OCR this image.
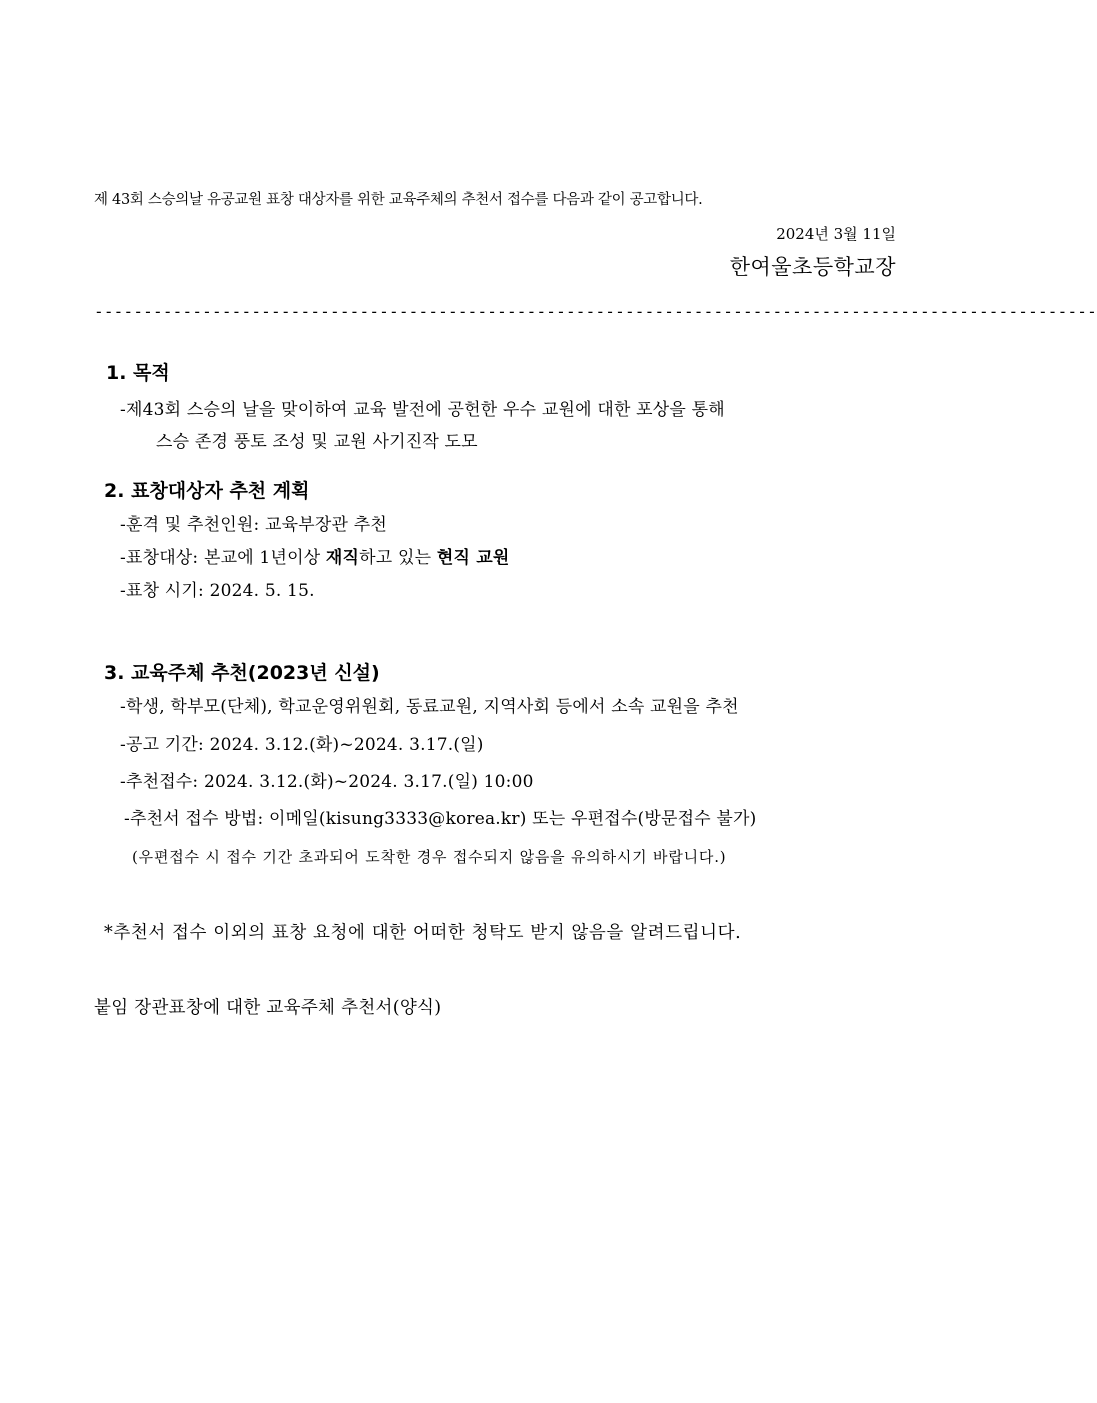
제 43회 스승의날 유공교원 표창 대상자를 위한 교육주체의 추천서 접수를 다음과 같이 공고합니다.
2024년 3월 11일
한여울초등학교장
------------------------------------------------------------------------------------------------------
1. 목적
-제43회 스승의 날을 맞이하여 교육 발전에 공헌한 우수 교원에 대한 포상을 통해
스승 존경 풍토 조성 및 교원 사기진작 도모
2. 표창대상자 추천 계획
-훈격 및 추천인원: 교육부장관 추천
-표창대상: 본교에 1년이상 재직하고 있는 현직 교원
-표창 시기: 2024. 5. 15.
3. 교육주체 추천(2023년 신설)
-학생, 학부모(단체), 학교운영위원회, 동료교원, 지역사회 등에서 소속 교원을 추천
-공고 기간: 2024. 3.12.(화)~2024. 3.17.(일)
-추천접수: 2024. 3.12.(화)~2024. 3.17.(일) 10:00
-추천서 접수 방법: 이메일(kisung3333@korea.kr) 또는 우편접수(방문접수 불가)
(우편접수 시 접수 기간 초과되어 도착한 경우 접수되지 않음을 유의하시기 바랍니다.)
*추천서 접수 이외의 표창 요청에 대한 어떠한 청탁도 받지 않음을 알려드립니다.
붙임 장관표창에 대한 교육주체 추천서(양식)
